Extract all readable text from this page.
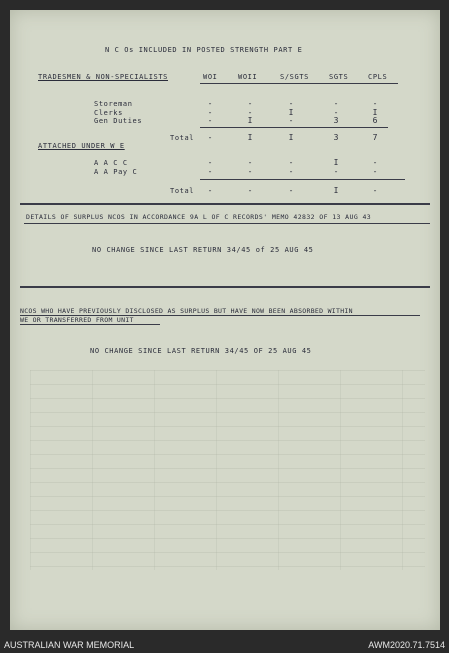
N C Os INCLUDED IN POSTED STRENGTH PART E
TRADESMEN & NON-SPECIALISTS	WOI	WOII	S/SGTS	SGTS	CPLS
Storeman	-	-	-	-	-
Clerks	-	-	I	-	I
Gen Duties	-	I	-	3	6
Total	-	I	I	3	7
ATTACHED UNDER W E
A A C C	-	-	-	I	-
A A Pay C	-	-	-	-	-
Total	-	-	-	I	-
DETAILS OF SURPLUS NCOS IN ACCORDANCE 9A L OF C RECORDS' MEMO 42832 OF 13 AUG 43
NO CHANGE SINCE LAST RETURN 34/45 of 25 AUG 45
NCOS WHO HAVE PREVIOUSLY DISCLOSED AS SURPLUS BUT HAVE NOW BEEN ABSORBED WITHIN
WE OR TRANSFERRED FROM UNIT
NO CHANGE SINCE LAST RETURN 34/45 OF 25 AUG 45
AUSTRALIAN WAR MEMORIAL	AWM2020.71.7514
